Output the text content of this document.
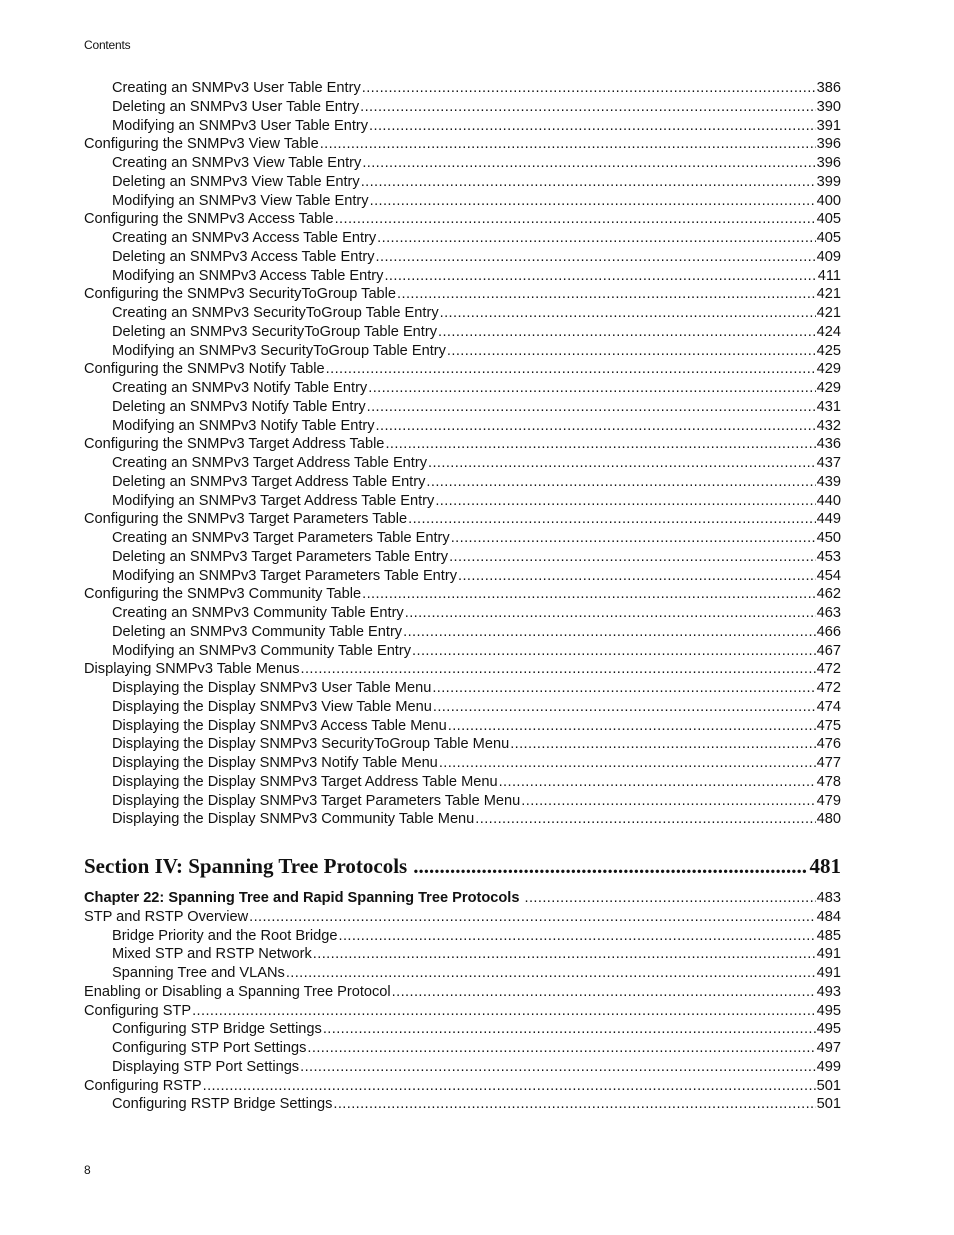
Contents
Creating an SNMPv3 User Table Entry .....	386
Deleting an SNMPv3 User Table Entry .....	390
Modifying an SNMPv3 User Table Entry .....	391
Configuring the SNMPv3 View Table .....	396
Creating an SNMPv3 View Table Entry .....	396
Deleting an SNMPv3 View Table Entry .....	399
Modifying an SNMPv3 View Table Entry .....	400
Configuring the SNMPv3 Access Table .....	405
Creating an SNMPv3 Access Table Entry .....	405
Deleting an SNMPv3 Access Table Entry .....	409
Modifying an SNMPv3 Access Table Entry .....	411
Configuring the SNMPv3 SecurityToGroup Table .....	421
Creating an SNMPv3 SecurityToGroup Table Entry .....	421
Deleting an SNMPv3 SecurityToGroup Table Entry .....	424
Modifying an SNMPv3 SecurityToGroup Table Entry .....	425
Configuring the SNMPv3 Notify Table .....	429
Creating an SNMPv3 Notify Table Entry .....	429
Deleting an SNMPv3 Notify Table Entry .....	431
Modifying an SNMPv3 Notify Table Entry .....	432
Configuring the SNMPv3 Target Address Table .....	436
Creating an SNMPv3 Target Address Table Entry .....	437
Deleting an SNMPv3 Target Address Table Entry .....	439
Modifying an SNMPv3 Target Address Table Entry .....	440
Configuring the SNMPv3 Target Parameters Table .....	449
Creating an SNMPv3 Target Parameters Table Entry .....	450
Deleting an SNMPv3 Target Parameters Table Entry .....	453
Modifying an SNMPv3 Target Parameters Table Entry .....	454
Configuring the SNMPv3 Community Table .....	462
Creating an SNMPv3 Community Table Entry .....	463
Deleting an SNMPv3 Community Table Entry .....	466
Modifying an SNMPv3 Community Table Entry .....	467
Displaying SNMPv3 Table Menus .....	472
Displaying the Display SNMPv3 User Table Menu .....	472
Displaying the Display SNMPv3 View Table Menu .....	474
Displaying the Display SNMPv3 Access Table Menu .....	475
Displaying the Display SNMPv3 SecurityToGroup Table Menu .....	476
Displaying the Display SNMPv3 Notify Table Menu .....	477
Displaying the Display SNMPv3 Target Address Table Menu .....	478
Displaying the Display SNMPv3 Target Parameters Table Menu .....	479
Displaying the Display SNMPv3 Community Table Menu .....	480
Section IV: Spanning Tree Protocols .....	481
Chapter 22: Spanning Tree and Rapid Spanning Tree Protocols .....	483
STP and RSTP Overview .....	484
Bridge Priority and the Root Bridge .....	485
Mixed STP and RSTP Network .....	491
Spanning Tree and VLANs .....	491
Enabling or Disabling a Spanning Tree Protocol .....	493
Configuring STP .....	495
Configuring STP Bridge Settings .....	495
Configuring STP Port Settings .....	497
Displaying STP Port Settings .....	499
Configuring RSTP .....	501
Configuring RSTP Bridge Settings .....	501
8
